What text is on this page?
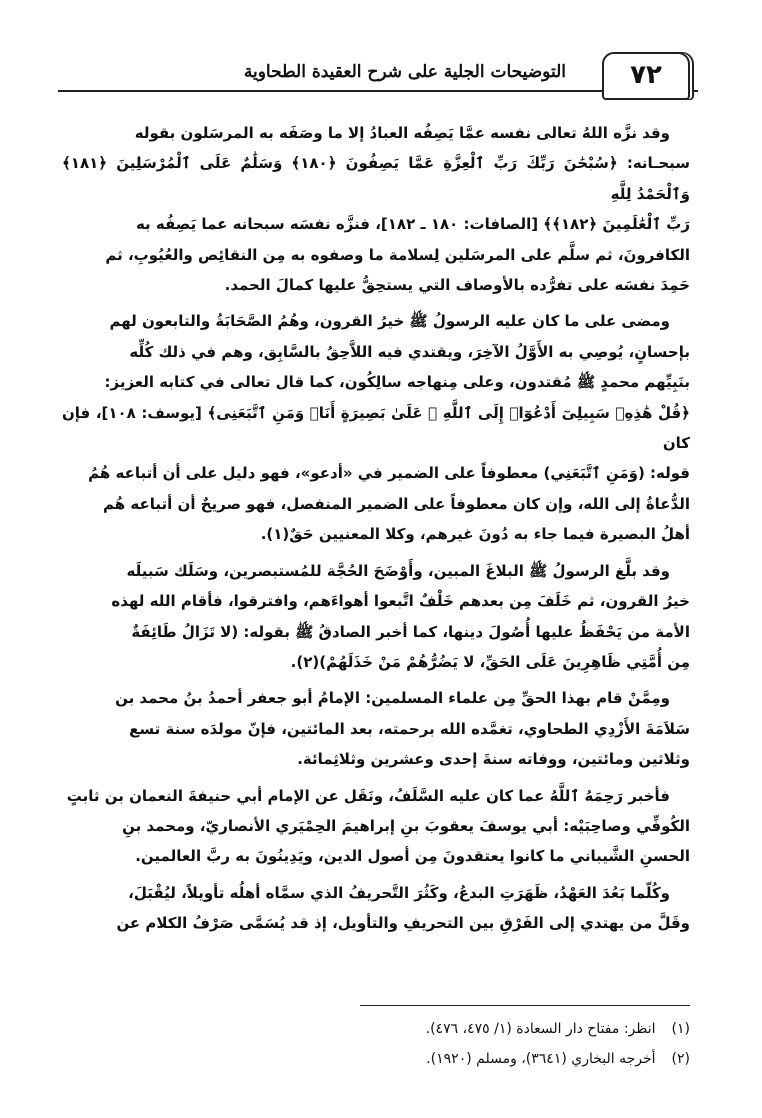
التوضيحات الجلية على شرح العقيدة الطحاوية	٧٢

وقد نزَّه اللهُ تعالى نفسه عمَّا يَصِفُه العبادُ إلا ما وصَفَه به المرسَلون بقوله
سبحـانه: ﴿سُبْحَٰنَ رَبِّكَ رَبِّ ٱلْعِزَّةِ عَمَّا يَصِفُونَ ﴿١٨٠﴾ وَسَلَٰمٌ عَلَى ٱلْمُرْسَلِينَ ﴿١٨١﴾ وَٱلْحَمْدُ لِلَّهِ
رَبِّ ٱلْعَٰلَمِينَ ﴿١٨٢﴾﴾ [الصافات: ١٨٠ ـ ١٨٢]، فنزَّه نفسَه سبحانه عما يَصِفُه به
الكافرونَ، ثم سلَّم على المرسَلين لِسلامة ما وصفوه به مِن النقائِص والعُيُوبِ، ثم
حَمِدَ نفسَه على تفرُّده بالأوصاف التي يستحِقُّ عليها كمالَ الحمد.

ومضى على ما كان عليه الرسولُ ﷺ خيرُ القرون، وهُمُ الصَّحَابَةُ والتابعون لهم
بإحسانٍ، يُوصِي به الأَوَّلُ الآخِرَ، ويقتدي فيه اللاَّحِقُ بالسَّابِق، وهم في ذلك كُلِّه
بنَبِيِّهم محمدٍ ﷺ مُقتدون، وعلى مِنهاجه سالِكُون، كما قال تعالى في كتابه العزيز:
﴿قُلْ هَٰذِهِۦ سَبِيلِىٓ أَدْعُوٓا۟ إِلَى ٱللَّهِ ۚ عَلَىٰ بَصِيرَةٍ أَنَا۠ وَمَنِ ٱتَّبَعَنِى﴾ [يوسف: ١٠٨]، فإن كان
قوله: (وَمَنِ ٱتَّبَعَنِي) معطوفاً على الضمير في «أدعو»، فهو دليل على أن أتباعه هُمُ
الدُّعاةُ إلى الله، وإن كان معطوفاً على الضمير المنفصل، فهو صريحٌ أن أتباعه هُم
أهلُ البصيرة فيما جاء به دُونَ غيرهم، وكلا المعنيين حَقٌ(١).

وقد بلَّغ الرسولُ ﷺ البلاغَ المبين، وأَوْضَحَ الحُجَّة للمُستبصرين، وسَلَك سَبيلَه
خيرُ القرون، ثم خَلَفَ مِن بعدهم خَلْفٌ اتَّبعوا أهواءَهم، وافترقوا، فأقام الله لهذه
الأمة من يَحْفَظُ عليها أُصُولَ دينها، كما أخبر الصادقُ ﷺ بقوله: (لا تَزَالُ طَائِفَةٌ
مِن أُمَّتِي ظَاهِرِينَ عَلَى الحَقِّ، لا يَضُرُّهُمْ مَنْ خَذَلَهُمْ)(٢).

ومِمَّنْ قام بهذا الحقِّ مِن علماء المسلمين: الإمامُ أبو جعفر أحمدُ بنُ محمد بن
سَلاَمَةَ الأَزْدِي الطحاوي، تغمَّده الله برحمته، بعد المائتين، فإنّ مولدَه سنة تسع
وثلاثين ومائتين، ووفاته سنةَ إحدى وعشرين وثلاثِمائة.

فأخبر رَحِمَهُ ٱللَّهُ عما كان عليه السَّلَفُ، ونَقَل عن الإمام أبي حنيفةَ النعمان بن ثابتٍ
الكُوفِّي وصاحِبَيْه: أبي يوسفَ يعقوبَ بنِ إبراهيمَ الحِمْيَري الأنصاريّ، ومحمد بنِ
الحسنِ الشَّيباني ما كانوا يعتقدونَ مِن أصول الدين، ويَدِينُونَ به ربَّ العالمين.

وكُلّما بَعُدَ العَهْدُ، ظَهَرَتِ البدعُ، وكَثُرَ التَّحريفُ الذي سمَّاه أهلُه تأويلاً، ليُقْبَلَ،
وقَلَّ من يهتدي إلى الفَرْقِ بين التحريفِ والتأويل، إذ قد يُسَمَّى صَرْفُ الكلام عن

(١) انظر: مفتاح دار السعادة (١/ ٤٧٥، ٤٧٦).
(٢) أخرجه البخاري (٣٦٤١)، ومسلم (١٩٢٠).
